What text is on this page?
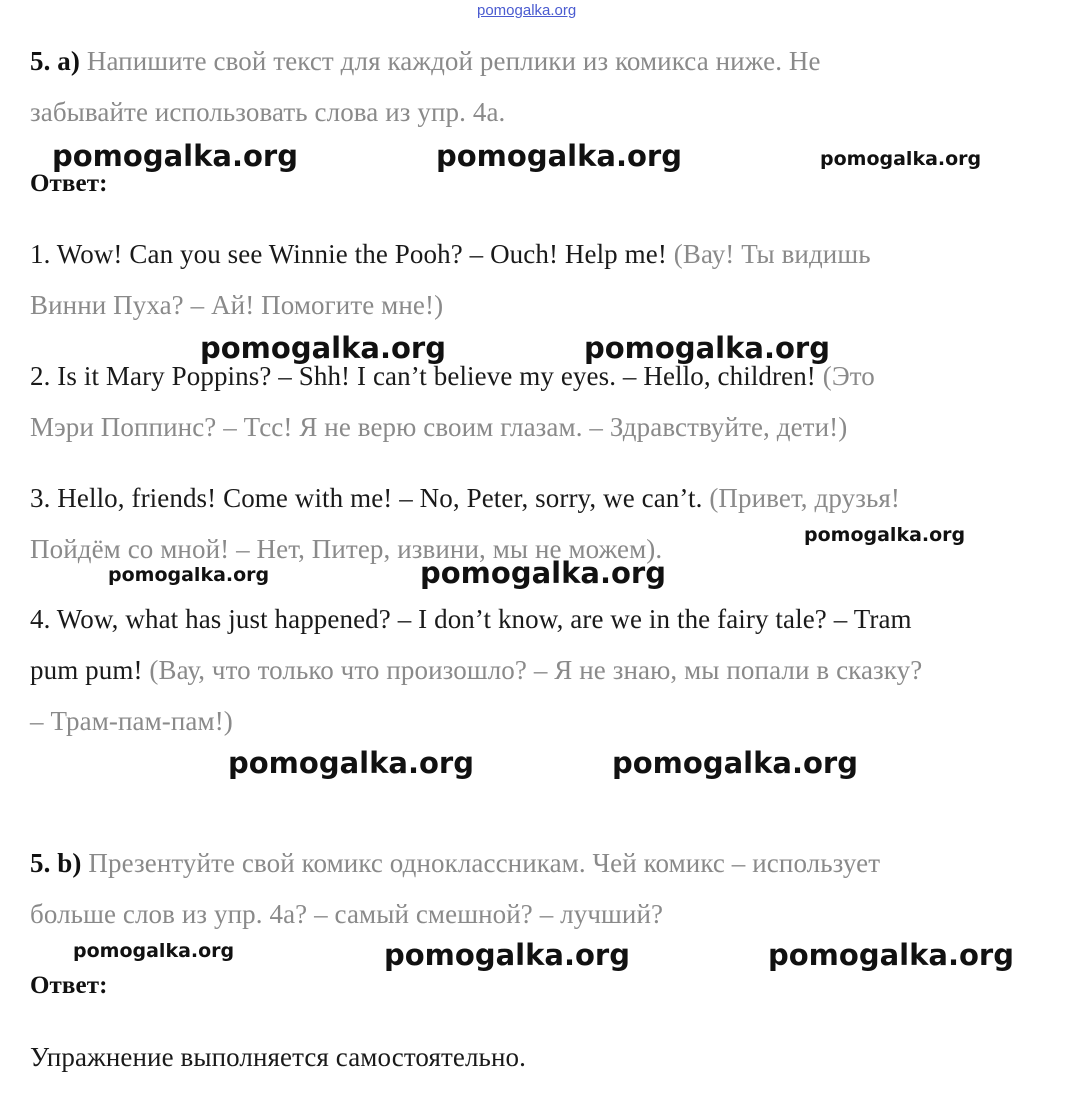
pomogalka.org
5. a) Напишите свой текст для каждой реплики из комикса ниже. Не
забывайте использовать слова из упр. 4a.
Ответ:
1. Wow! Can you see Winnie the Pooh? – Ouch! Help me! (Вау! Ты видишь
Винни Пуха? – Ай! Помогите мне!)
2. Is it Mary Poppins? – Shh! I can’t believe my eyes. – Hello, children! (Это
Мэри Поппинс? – Тсс! Я не верю своим глазам. – Здравствуйте, дети!)
3. Hello, friends! Come with me! – No, Peter, sorry, we can’t. (Привет, друзья!
Пойдём со мной! – Нет, Питер, извини, мы не можем).
4. Wow, what has just happened? – I don’t know, are we in the fairy tale? – Tram
pum pum! (Вау, что только что произошло? – Я не знаю, мы попали в сказку?
– Трам-пам-пам!)
5. b) Презентуйте свой комикс одноклассникам. Чей комикс – использует
больше слов из упр. 4a? – самый смешной? – лучший?
Ответ:
Упражнение выполняется самостоятельно.
pomogalka.org	pomogalka.org	pomogalka.org
pomogalka.org	pomogalka.org
pomogalka.org
pomogalka.org	pomogalka.org
pomogalka.org	pomogalka.org
pomogalka.org	pomogalka.org	pomogalka.org
